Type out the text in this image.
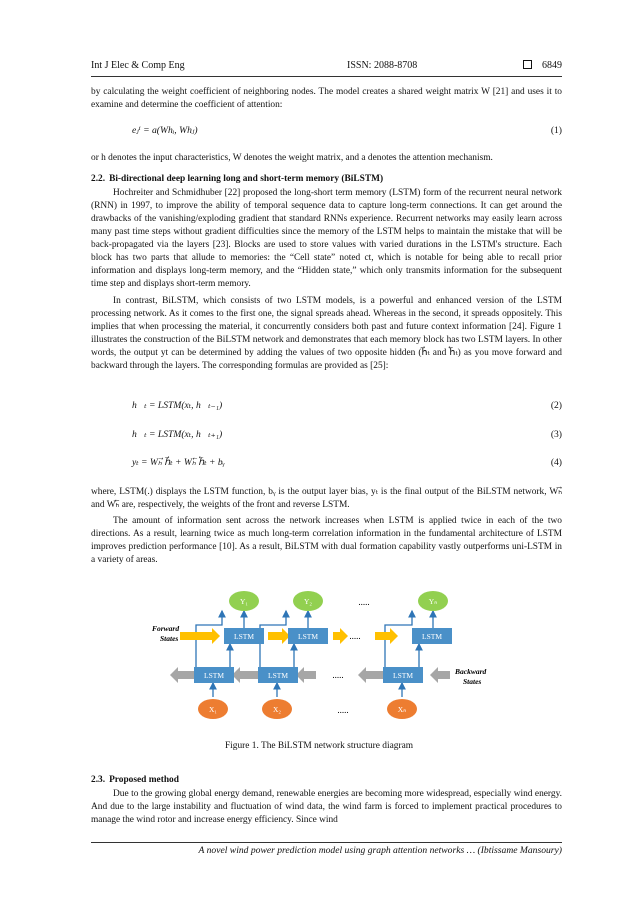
Int J Elec & Comp Eng	ISSN: 2088-8708	6849

by calculating the weight coefficient of neighboring nodes. The model creates a shared weight matrix W [21] and uses it to examine and determine the coefficient of attention:

eⱼⁱ = a(Whᵢ, Whⱼ)	(1)

or h denotes the input characteristics, W denotes the weight matrix, and a denotes the attention mechanism.

2.2. Bi-directional deep learning long and short-term memory (BiLSTM)

Hochreiter and Schmidhuber [22] proposed the long-short term memory (LSTM) form of the recurrent neural network (RNN) in 1997, to improve the ability of temporal sequence data to capture long-term connections. It can get around the drawbacks of the vanishing/exploding gradient that standard RNNs experience. Recurrent networks may easily learn across many past time steps without gradient difficulties since the memory of the LSTM helps to maintain the mistake that will be back-propagated via the layers [23]. Blocks are used to store values with varied durations in the LSTM's structure. Each block has two parts that allude to memories: the “Cell state” noted ct, which is notable for being able to recall prior information and displays long-term memory, and the “Hidden state,” which only transmits information for the subsequent time step and displays short-term memory.

In contrast, BiLSTM, which consists of two LSTM models, is a powerful and enhanced version of the LSTM processing network. As it comes to the first one, the signal spreads ahead. Whereas in the second, it spreads oppositely. This implies that when processing the material, it concurrently considers both past and future context information [24]. Figure 1 illustrates the construction of the BiLSTM network and demonstrates that each memory block has two LSTM layers. In other words, the output yt can be determined by adding the values of two opposite hidden (h⃗ₜ and h⃖ₜ) as you move forward and backward through the layers. The corresponding formulas are provided as [25]:

h⃗ₜ = LSTM(xₜ, h⃗ₜ₋₁)	(2)
h⃖ₜ = LSTM(xₜ, h⃖ₜ₊₁)	(3)
yₜ = Wₕ⃗ h⃗ₜ + Wₕ⃖ h⃖ₜ + bᵧ	(4)

where, LSTM(.) displays the LSTM function, bᵧ is the output layer bias, yₜ is the final output of the BiLSTM network, Wₕ⃗ and Wₕ⃖ are, respectively, the weights of the front and reverse LSTM.

The amount of information sent across the network increases when LSTM is applied twice in each of the two directions. As a result, learning twice as much long-term correlation information in the fundamental architecture of LSTM improves prediction performance [10]. As a result, BiLSTM with dual formation capability vastly outperforms uni-LSTM in a variety of areas.

LSTM	LSTM	LSTM
LSTM	LSTM	LSTM
Y₁	Y₂	Yₙ
X₁	X₂	Xₙ
.....
.....
.....
.....
Forward
States
Backward
States
Figure 1. The BiLSTM network structure diagram
2.3. Proposed method

Due to the growing global energy demand, renewable energies are becoming more widespread, especially wind energy. And due to the large instability and fluctuation of wind data, the wind farm is forced to implement practical procedures to manage the wind rotor and increase energy efficiency. Since wind

A novel wind power prediction model using graph attention networks … (Ibtissame Mansoury)
